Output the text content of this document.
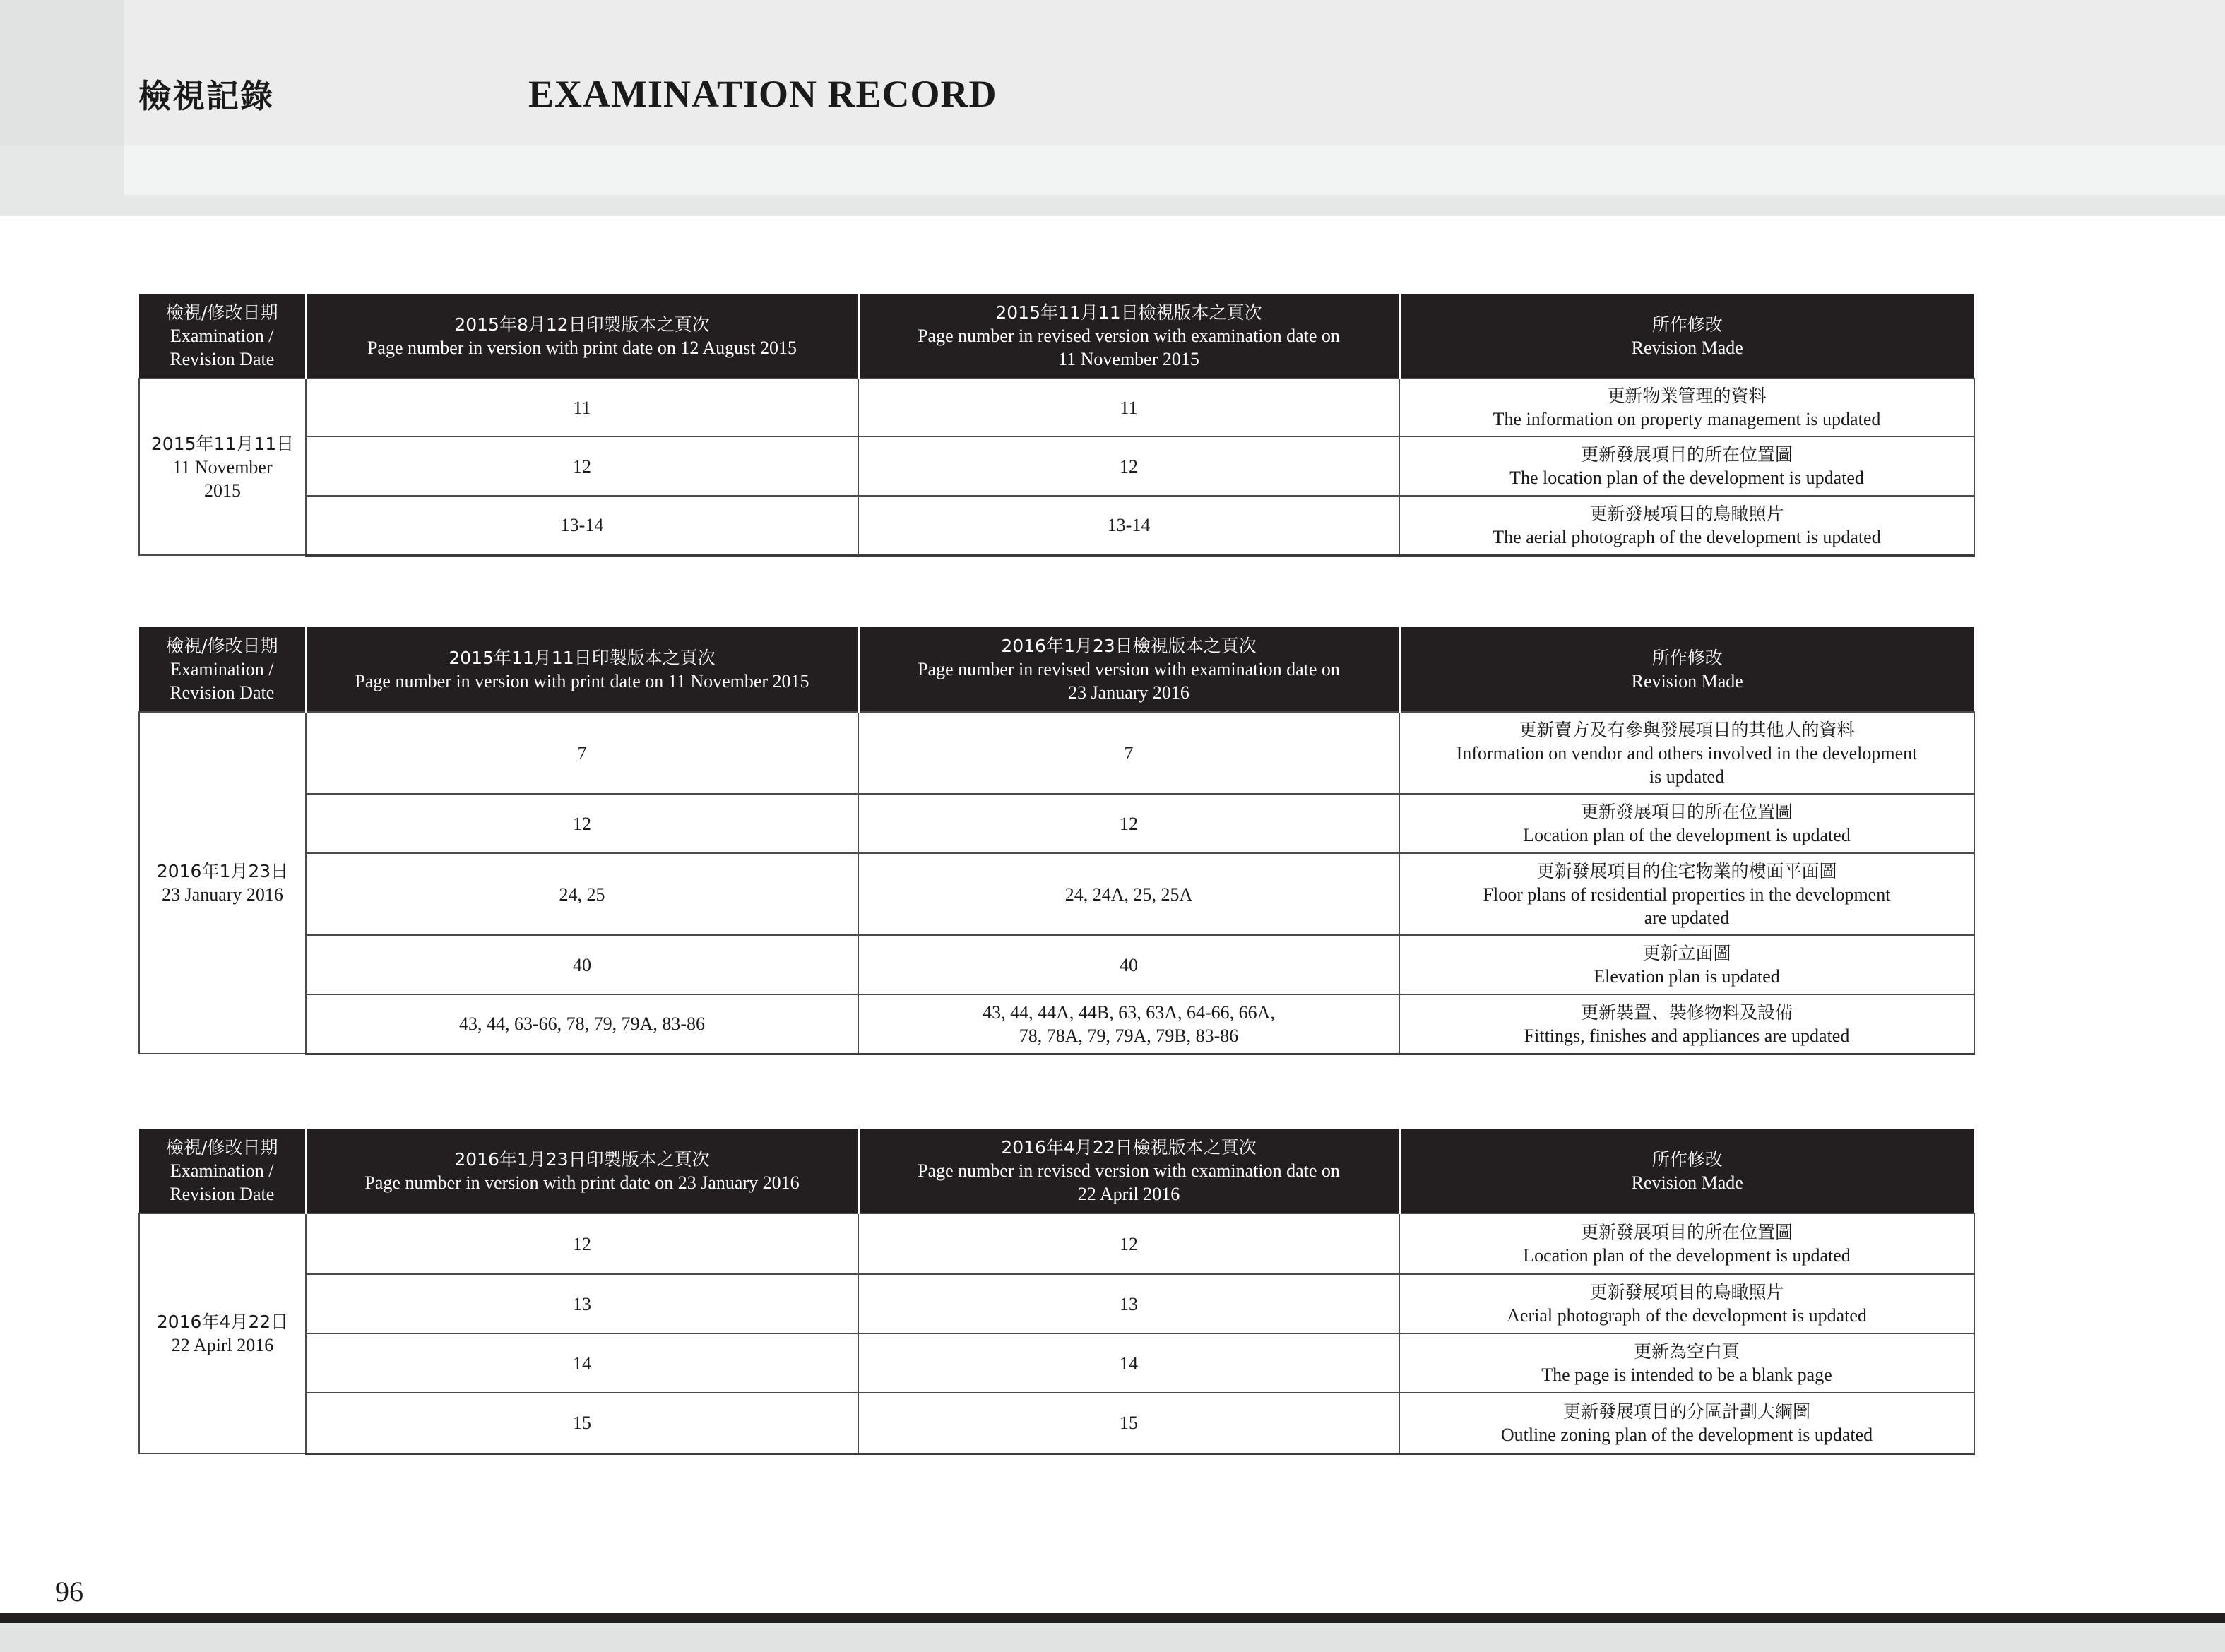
檢視記錄	EXAMINATION RECORD
檢視/修改日期
Examination /
Revision Date	2015年8月12日印製版本之頁次
Page number in version with print date on 12 August 2015	2015年11月11日檢視版本之頁次
Page number in revised version with examination date on
11 November 2015	所作修改
Revision Made

2015年11月11日
11 November
2015	11	11	更新物業管理的資料
The information on property management is updated

	12	12	更新發展項目的所在位置圖
The location plan of the development is updated

	13-14	13-14	更新發展項目的鳥瞰照片
The aerial photograph of the development is updated
檢視/修改日期
Examination /
Revision Date	2015年11月11日印製版本之頁次
Page number in version with print date on 11 November 2015	2016年1月23日檢視版本之頁次
Page number in revised version with examination date on
23 January 2016	所作修改
Revision Made

2016年1月23日
23 January 2016	7	7	更新賣方及有參與發展項目的其他人的資料
Information on vendor and others involved in the development
is updated

	12	12	更新發展項目的所在位置圖
Location plan of the development is updated

	24, 25	24, 24A, 25, 25A	更新發展項目的住宅物業的樓面平面圖
Floor plans of residential properties in the development
are updated

	40	40	更新立面圖
Elevation plan is updated

	43, 44, 63-66, 78, 79, 79A, 83-86	43, 44, 44A, 44B, 63, 63A, 64-66, 66A,
78, 78A, 79, 79A, 79B, 83-86	更新裝置、裝修物料及設備
Fittings, finishes and appliances are updated
檢視/修改日期
Examination /
Revision Date	2016年1月23日印製版本之頁次
Page number in version with print date on 23 January 2016	2016年4月22日檢視版本之頁次
Page number in revised version with examination date on
22 April 2016	所作修改
Revision Made

2016年4月22日
22 Apirl 2016	12	12	更新發展項目的所在位置圖
Location plan of the development is updated

	13	13	更新發展項目的鳥瞰照片
Aerial photograph of the development is updated

	14	14	更新為空白頁
The page is intended to be a blank page

	15	15	更新發展項目的分區計劃大綱圖
Outline zoning plan of the development is updated
96
